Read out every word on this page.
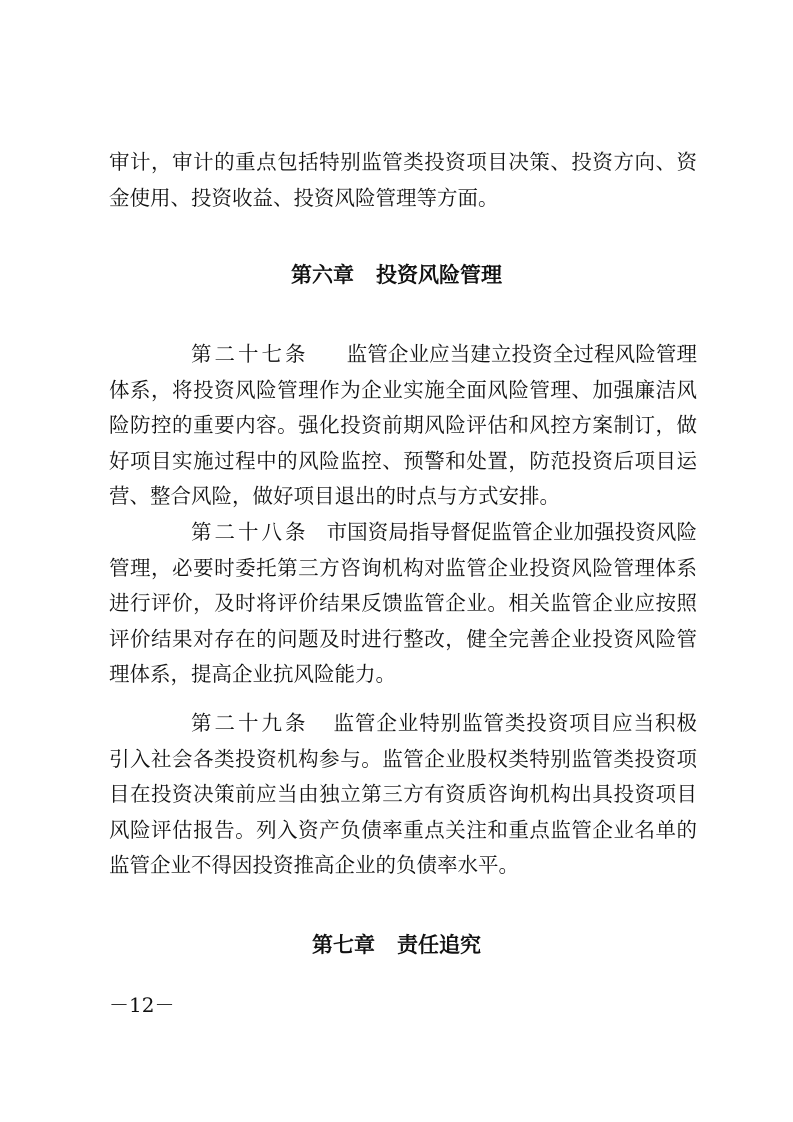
审计，审计的重点包括特别监管类投资项目决策、投资方向、资金使用、投资收益、投资风险管理等方面。

第六章 投资风险管理

第二十七条 监管企业应当建立投资全过程风险管理体系，将投资风险管理作为企业实施全面风险管理、加强廉洁风险防控的重要内容。强化投资前期风险评估和风控方案制订，做好项目实施过程中的风险监控、预警和处置，防范投资后项目运营、整合风险，做好项目退出的时点与方式安排。

第二十八条 市国资局指导督促监管企业加强投资风险管理，必要时委托第三方咨询机构对监管企业投资风险管理体系进行评价，及时将评价结果反馈监管企业。相关监管企业应按照评价结果对存在的问题及时进行整改，健全完善企业投资风险管理体系，提高企业抗风险能力。

第二十九条 监管企业特别监管类投资项目应当积极引入社会各类投资机构参与。监管企业股权类特别监管类投资项目在投资决策前应当由独立第三方有资质咨询机构出具投资项目风险评估报告。列入资产负债率重点关注和重点监管企业名单的监管企业不得因投资推高企业的负债率水平。

第七章 责任追究

－12－
